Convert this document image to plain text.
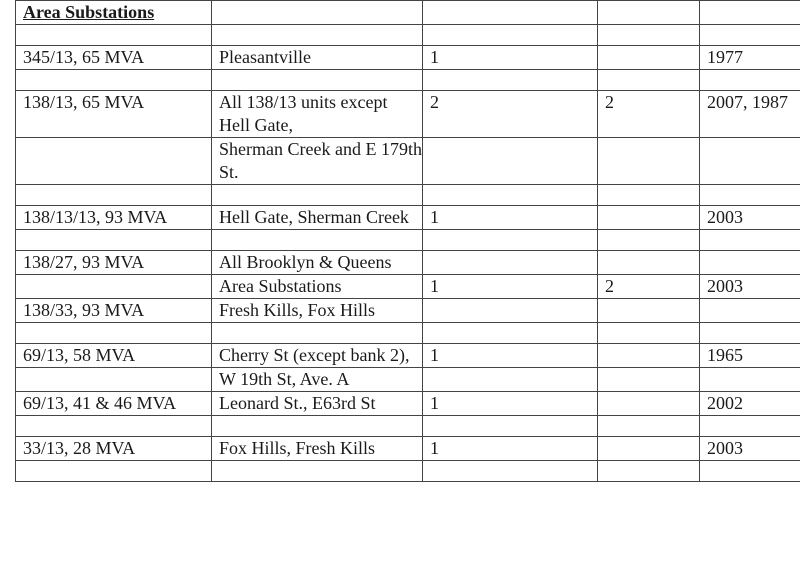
Area Substations				

345/13, 65 MVA	Pleasantville	1		1977

138/13, 65 MVA	All 138/13 units except Hell Gate,	2	2	2007, 1987
	Sherman Creek and E 179th St.			

138/13/13, 93 MVA	Hell Gate, Sherman Creek	1		2003

138/27, 93 MVA	All Brooklyn & Queens			
	Area Substations	1	2	2003
138/33, 93 MVA	Fresh Kills, Fox Hills			

69/13, 58 MVA	Cherry St (except bank 2),	1		1965
	W 19th St, Ave. A			
69/13, 41 & 46 MVA	Leonard St., E63rd St	1		2002

33/13, 28 MVA	Fox Hills, Fresh Kills	1		2003
